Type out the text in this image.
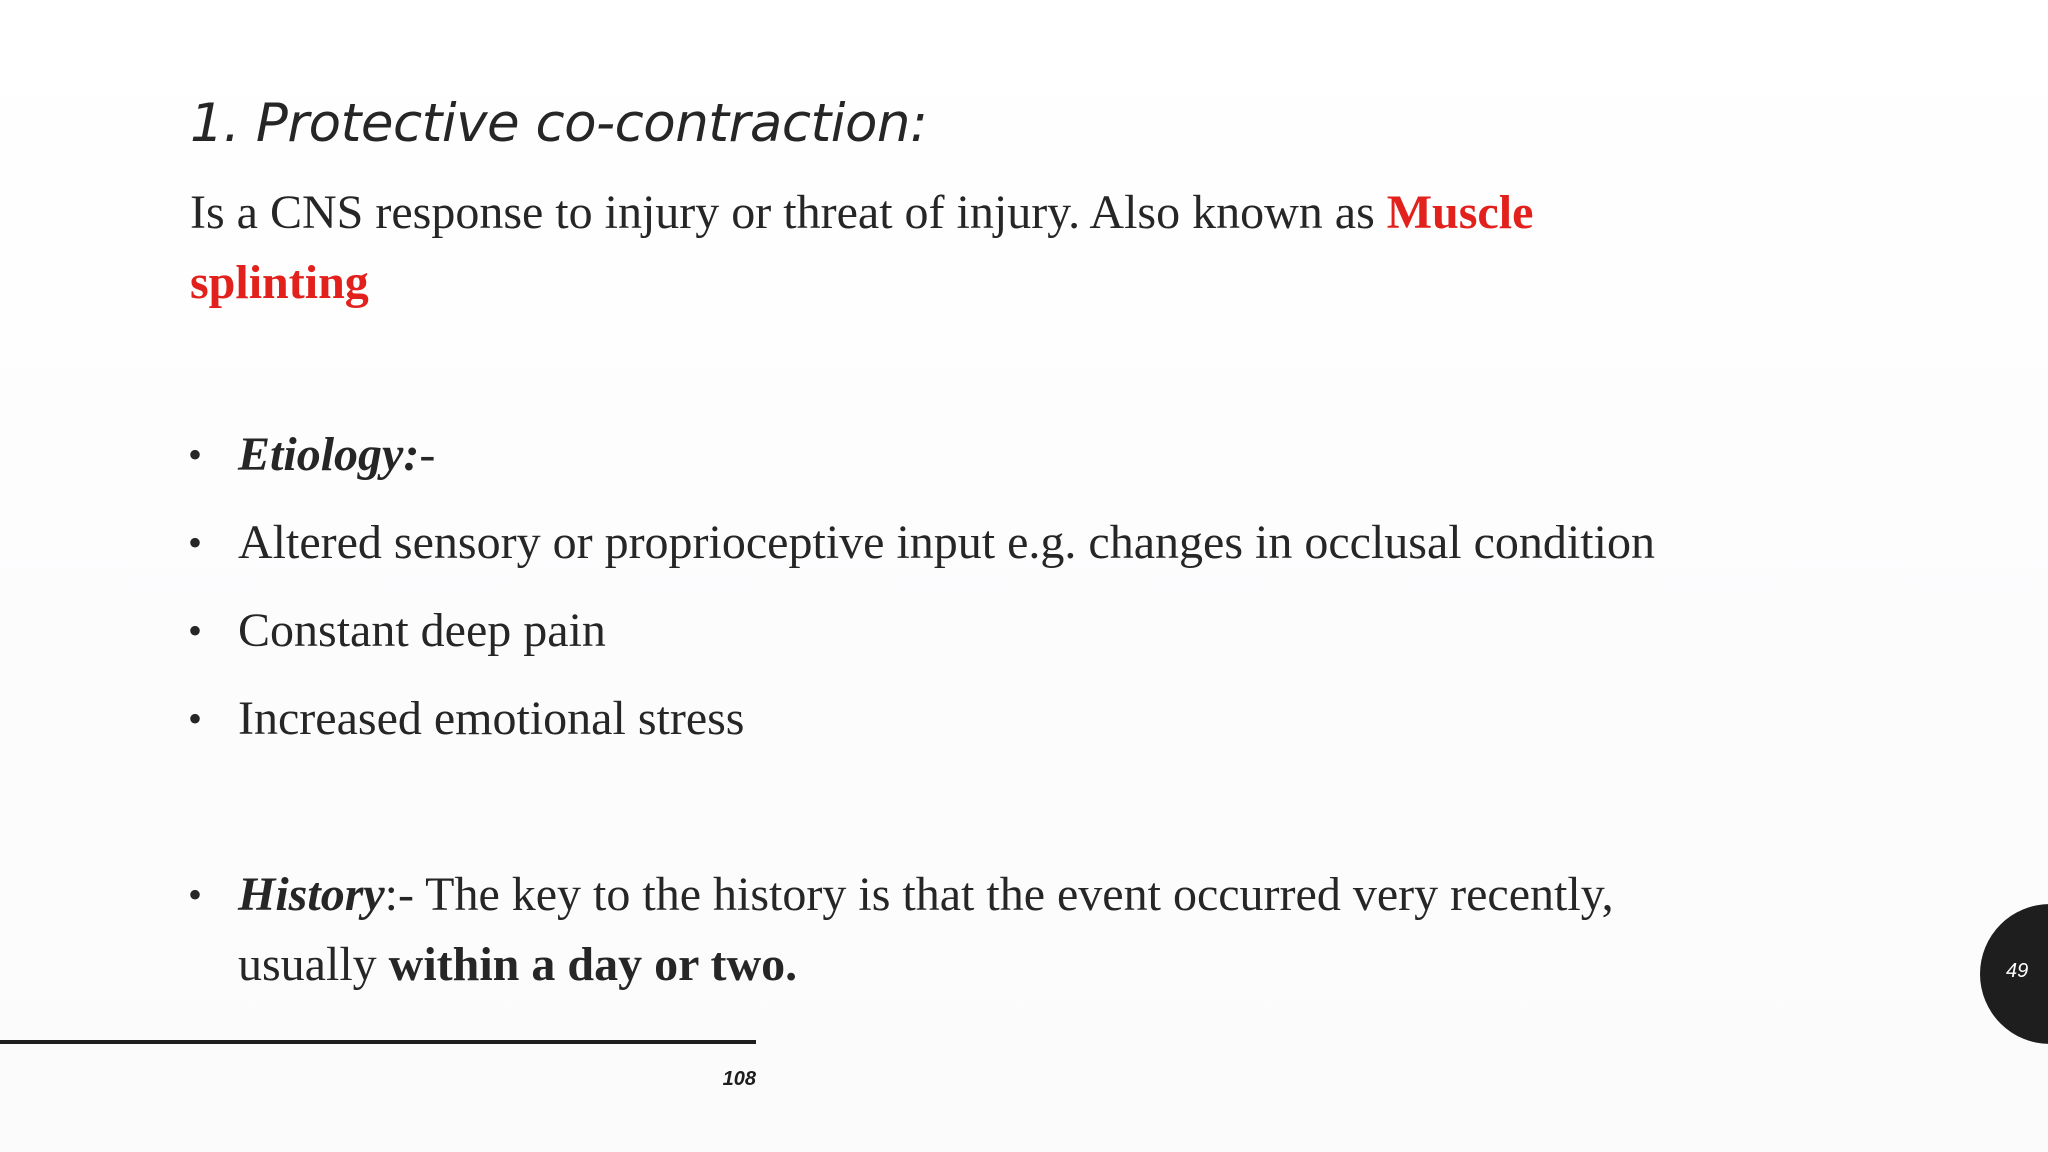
1. Protective co-contraction:
Is a CNS response to injury or threat of injury. Also known as Muscle splinting
• Etiology:-
• Altered sensory or proprioceptive input e.g. changes in occlusal condition
• Constant deep pain
• Increased emotional stress
• History:- The key to the history is that the event occurred very recently, usually within a day or two.
108
49
